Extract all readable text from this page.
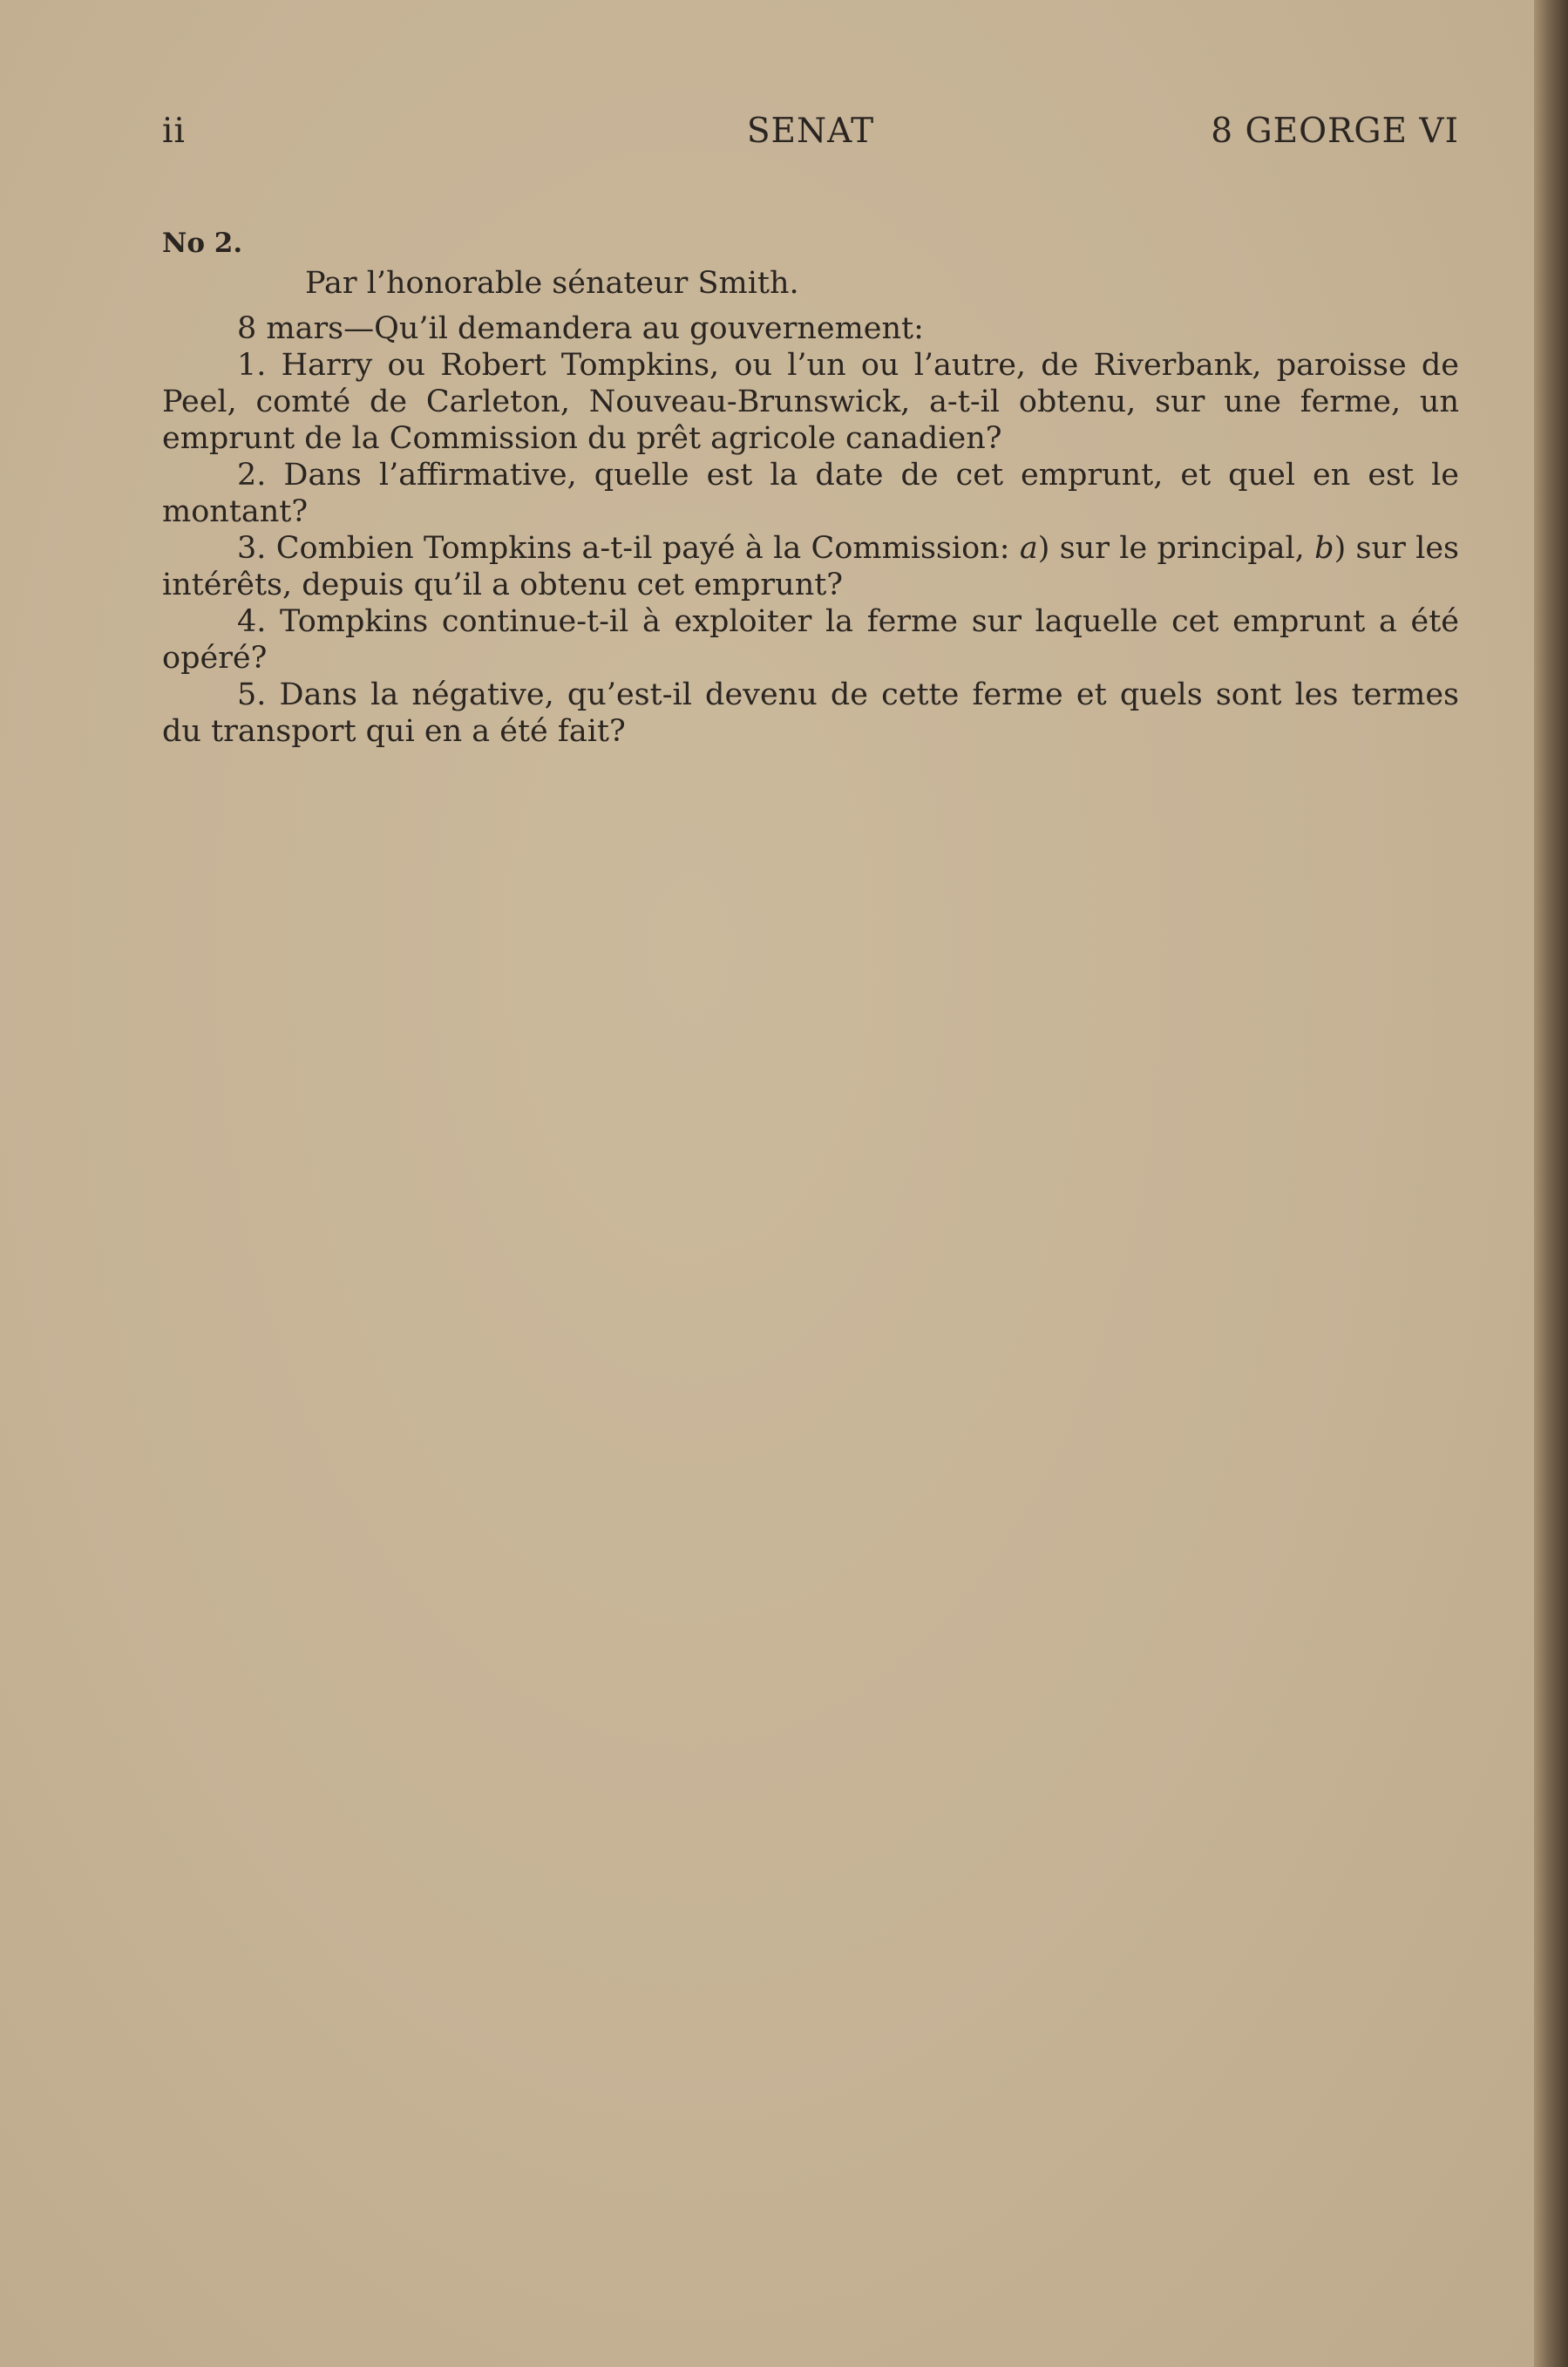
ii	SENAT	8 GEORGE VI

No 2.

Par l’honorable sénateur Smith.

8 mars—Qu’il demandera au gouvernement:

1. Harry ou Robert Tompkins, ou l’un ou l’autre, de Riverbank, paroisse de Peel, comté de Carleton, Nouveau-Brunswick, a-t-il obtenu, sur une ferme, un emprunt de la Commission du prêt agricole canadien?

2. Dans l’affirmative, quelle est la date de cet emprunt, et quel en est le montant?

3. Combien Tompkins a-t-il payé à la Commission: a) sur le principal, b) sur les intérêts, depuis qu’il a obtenu cet emprunt?

4. Tompkins continue-t-il à exploiter la ferme sur laquelle cet emprunt a été opéré?

5. Dans la négative, qu’est-il devenu de cette ferme et quels sont les termes du transport qui en a été fait?
